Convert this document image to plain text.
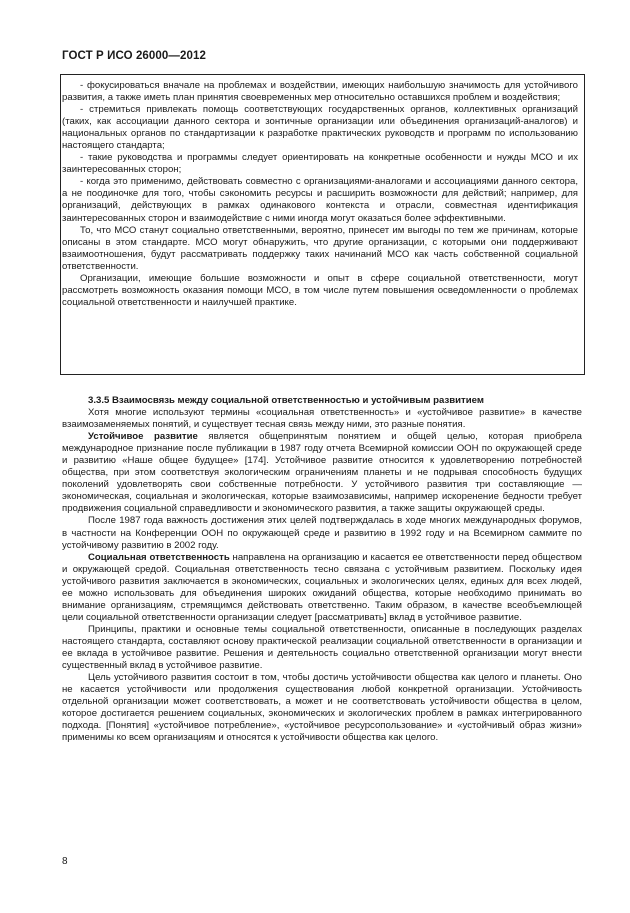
ГОСТ Р ИСО 26000—2012

- фокусироваться вначале на проблемах и воздействии, имеющих наибольшую значимость для устойчивого развития, а также иметь план принятия своевременных мер относительно оставшихся проблем и воздействия;

- стремиться привлекать помощь соответствующих государственных органов, коллективных организаций (таких, как ассоциации данного сектора и зонтичные организации или объединения организаций-аналогов) и национальных органов по стандартизации к разработке практических руководств и программ по использованию настоящего стандарта;

- такие руководства и программы следует ориентировать на конкретные особенности и нужды МСО и их заинтересованных сторон;

- когда это применимо, действовать совместно с организациями-аналогами и ассоциациями данного сектора, а не поодиночке для того, чтобы сэкономить ресурсы и расширить возможности для действий; например, для организаций, действующих в рамках одинакового контекста и отрасли, совместная идентификация заинтересованных сторон и взаимодействие с ними иногда могут оказаться более эффективными.

То, что МСО станут социально ответственными, вероятно, принесет им выгоды по тем же причинам, которые описаны в этом стандарте. МСО могут обнаружить, что другие организации, с которыми они поддерживают взаимоотношения, будут рассматривать поддержку таких начинаний МСО как часть собственной социальной ответственности.

Организации, имеющие большие возможности и опыт в сфере социальной ответственности, могут рассмотреть возможность оказания помощи МСО, в том числе путем повышения осведомленности о проблемах социальной ответственности и наилучшей практике.

3.3.5 Взаимосвязь между социальной ответственностью и устойчивым развитием

Хотя многие используют термины «социальная ответственность» и «устойчивое развитие» в качестве взаимозаменяемых понятий, и существует тесная связь между ними, это разные понятия.

Устойчивое развитие является общепринятым понятием и общей целью, которая приобрела международное признание после публикации в 1987 году отчета Всемирной комиссии ООН по окружающей среде и развитию «Наше общее будущее» [174]. Устойчивое развитие относится к удовлетворению потребностей общества, при этом соответствуя экологическим ограничениям планеты и не подрывая способность будущих поколений удовлетворять свои собственные потребности. У устойчивого развития три составляющие — экономическая, социальная и экологическая, которые взаимозависимы, например искоренение бедности требует продвижения социальной справедливости и экономического развития, а также защиты окружающей среды.

После 1987 года важность достижения этих целей подтверждалась в ходе многих международных форумов, в частности на Конференции ООН по окружающей среде и развитию в 1992 году и на Всемирном саммите по устойчивому развитию в 2002 году.

Социальная ответственность направлена на организацию и касается ее ответственности перед обществом и окружающей средой. Социальная ответственность тесно связана с устойчивым развитием. Поскольку идея устойчивого развития заключается в экономических, социальных и экологических целях, единых для всех людей, ее можно использовать для объединения широких ожиданий общества, которые необходимо принимать во внимание организациям, стремящимся действовать ответственно. Таким образом, в качестве всеобъемлющей цели социальной ответственности организации следует [рассматривать] вклад в устойчивое развитие.

Принципы, практики и основные темы социальной ответственности, описанные в последующих разделах настоящего стандарта, составляют основу практической реализации социальной ответственности в организации и ее вклада в устойчивое развитие. Решения и деятельность социально ответственной организации могут внести существенный вклад в устойчивое развитие.

Цель устойчивого развития состоит в том, чтобы достичь устойчивости общества как целого и планеты. Оно не касается устойчивости или продолжения существования любой конкретной организации. Устойчивость отдельной организации может соответствовать, а может и не соответствовать устойчивости общества в целом, которое достигается решением социальных, экономических и экологических проблем в рамках интегрированного подхода. [Понятия] «устойчивое потребление», «устойчивое ресурсопользование» и «устойчивый образ жизни» применимы ко всем организациям и относятся к устойчивости общества как целого.

8
